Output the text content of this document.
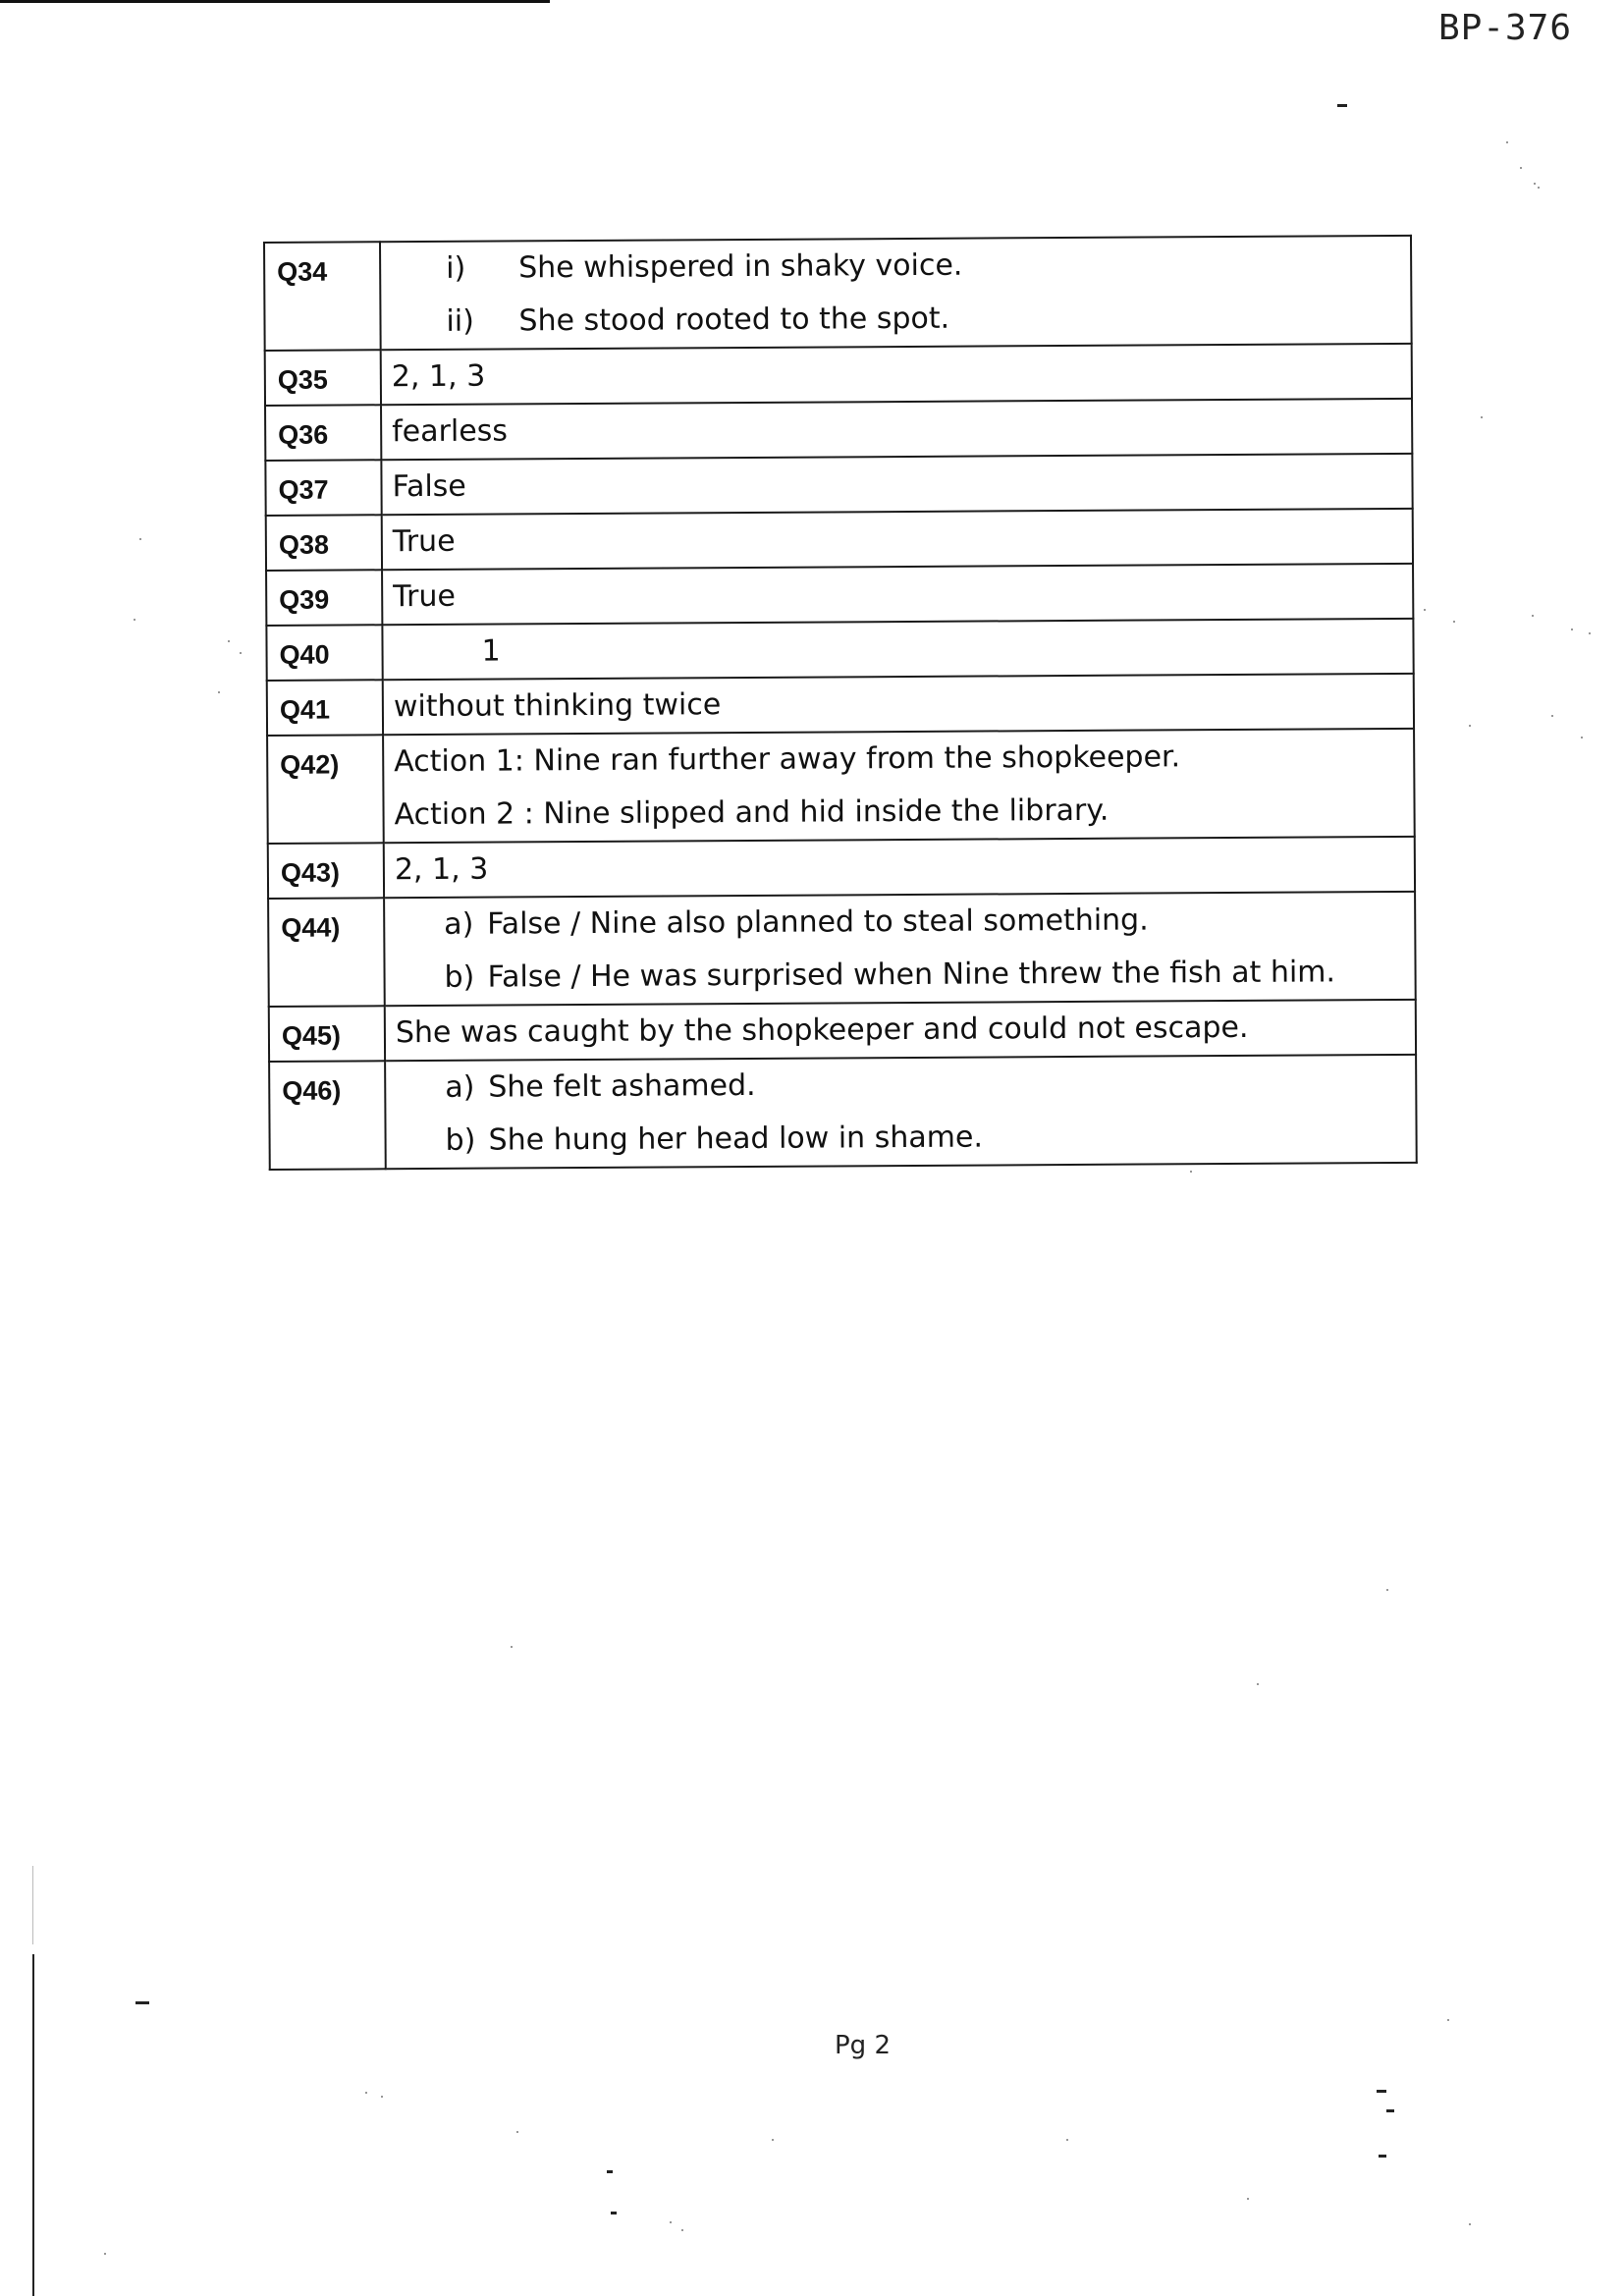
BP-376
Q34	i) She whispered in shaky voice.
ii) She stood rooted to the spot.

Q35	2, 1, 3

Q36	fearless

Q37	False

Q38	True

Q39	True

Q40	1

Q41	without thinking twice

Q42)	Action 1: Nine ran further away from the shopkeeper.
Action 2 : Nine slipped and hid inside the library.

Q43)	2, 1, 3

Q44)	a) False / Nine also planned to steal something.
b) False / He was surprised when Nine threw the fish at him.

Q45)	She was caught by the shopkeeper and could not escape.

Q46)	a) She felt ashamed.
b) She hung her head low in shame.
Pg 2
